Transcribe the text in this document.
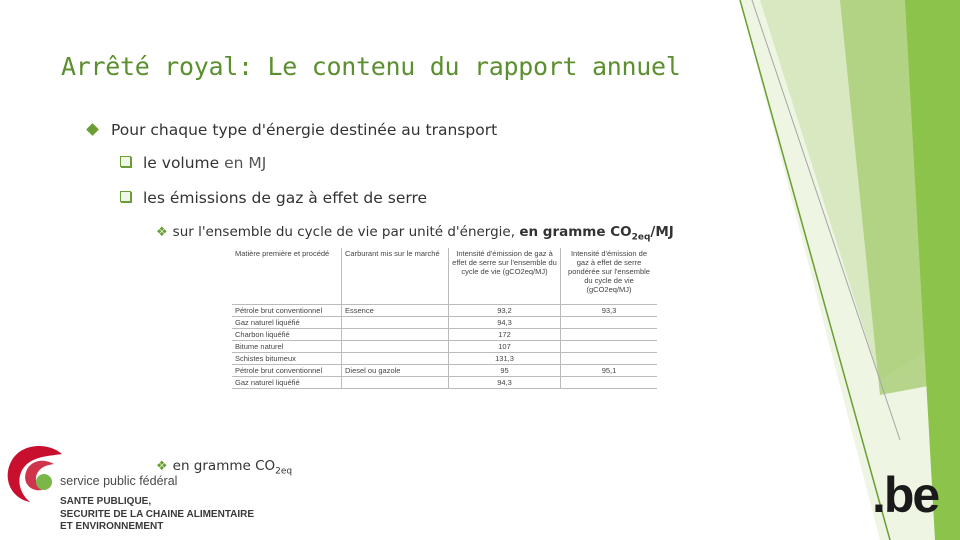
Arrêté royal: Le contenu du rapport annuel
Pour chaque type d'énergie destinée au transport
le volume en MJ
les émissions de gaz à effet de serre
❖ sur l'ensemble du cycle de vie par unité d'énergie, en gramme $CO_{2eq}/MJ$
Matière première et procédé	Carburant mis sur le marché	Intensité d'émission de gaz à effet de serre sur l'ensemble du cycle de vie (gCO2eq/MJ)	Intensité d'émission de gaz à effet de serre pondérée sur l'ensemble du cycle de vie (gCO2eq/MJ)
Pétrole brut conventionnel	Essence	93,2	93,3
Gaz naturel liquéfié		94,3	
Charbon liquéfié		172	
Bitume naturel		107	
Schistes bitumeux		131,3	
Pétrole brut conventionnel	Diesel ou gazole	95	95,1
Gaz naturel liquéfié		94,3	
❖ en gramme $CO_{2eq}$
service public fédéral
SANTE PUBLIQUE,
SECURITE DE LA CHAINE ALIMENTAIRE
ET ENVIRONNEMENT
.be
